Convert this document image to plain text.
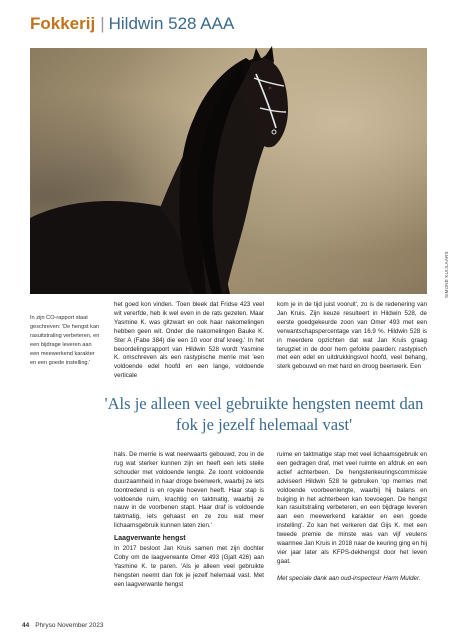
Fokkerij | Hildwin 528 AAA
SIMONE KUIJLAARS
In zijn CO-rapport staat geschreven: 'De hengst kan rasuitstraling verbeteren, en een bijdrage leveren aan een meewerkend karakter en een goede instelling.'

het goed kon vinden. 'Toen bleek dat Fridse 423 veel wit vererfde, heb ik wel even in de rats gezeten. Maar Yasmine K. was gitzwart en ook haar nakomelingen hebben geen wit. Onder die nakomelingen Bauke K. Ster A (Fabe 384) die een 10 voor draf kreeg.' In het beoordelingsrapport van Hildwin 528 wordt Yasmine K. omschreven als een rastypische merrie met 'een voldoende edel hoofd en een lange, voldoende verticale

kom je in de tijd juist vooruit', zo is de redenering van Jan Kruis. Zijn keuze resulteert in Hildwin 528, de eerste goedgekeurde zoon van Omer 493 met een verwantschapspercentage van 16.9 %. Hildwin 528 is in meerdere opzichten dat wat Jan Kruis graag terugziet in de door hem gefokte paarden: rastypisch met een edel en uitdrukkingsvol hoofd, veel behang, sterk gebouwd en met hard en droog beenwerk. Een

'Als je alleen veel gebruikte hengsten neemt dan fok je jezelf helemaal vast'

hals. De merrie is wat neerwaarts gebouwd, zou in de rug wat sterker kunnen zijn en heeft een iets steile schouder met voldoende lengte. Ze toont voldoende duurzaamheid in haar droge beenwerk, waarbij ze iets toontredend is en royale hoeven heeft. Haar stap is voldoende ruim, krachtig en taktmatig, waarbij ze nauw in de voorbenen stapt. Haar draf is voldoende taktmatig, iets gehaast en ze zou wat meer lichaamsgebruik kunnen laten zien.'

Laagverwante hengst

In 2017 besloot Jan Kruis samen met zijn dochter Coby om de laagverwante Omer 493 (Gjalt 426) aan Yasmine K. te paren. 'Als je alleen veel gebruikte hengsten neemt dan fok je jezelf helemaal vast. Met een laagverwante hengst

ruime en taktmatige stap met veel lichaamsgebruik en een gedragen draf, met veel ruimte en afdruk en een actief achterbeen. De hengstenkeuringscommissie adviseert Hildwin 528 te gebruiken 'op merries met voldoende voorbeenlengte, waarbij hij balans en buiging in het achterbeen kan toevoegen. De hengst kan rasuitstraling verbeteren, en een bijdrage leveren aan een meewerkend karakter en een goede instelling'. Zo kan het verkeren dat Gijs K. met een tweede premie de minste was van vijf veulens waarmee Jan Kruis in 2018 naar de keuring ging en hij vier jaar later als KFPS-dekhengst door het leven gaat.

Met speciale dank aan oud-inspecteur Harm Mulder.

44 Phryso November 2023
